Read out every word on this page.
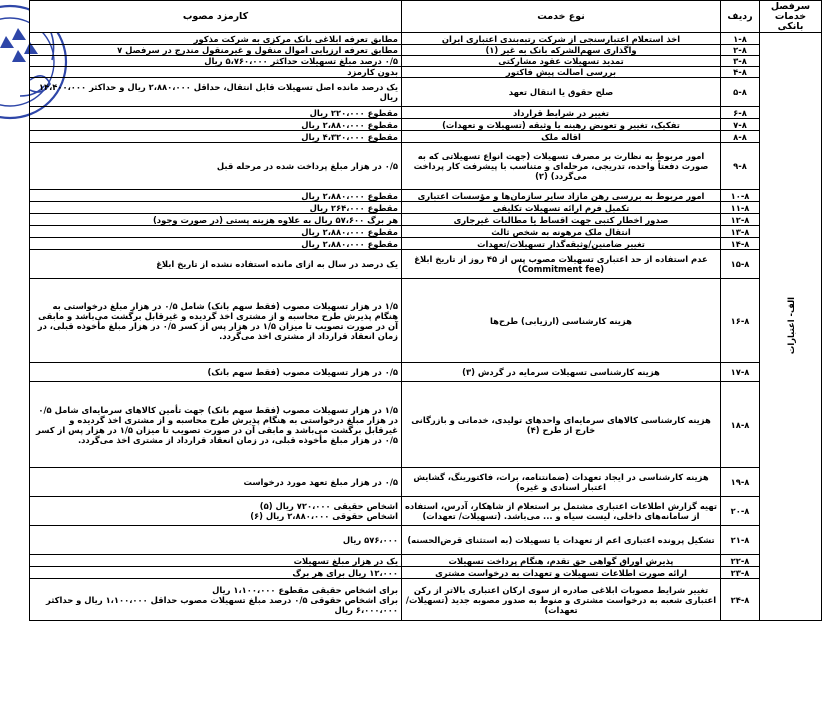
سرفصل خدمات بانکی	ردیف	نوع خدمت	کارمزد مصوب
الف- اعتبارات	۱-۸	اخذ استعلام اعتبارسنجی از شرکت رتبه‌بندی اعتباری ایران	مطابق تعرفه ابلاغی بانک مرکزی به شرکت مذکور
	۲-۸	واگذاری سهم‌الشرکه بانک به غیر (۱)	مطابق تعرفه ارزیابی اموال منقول و غیرمنقول مندرج در سرفصل ۷
	۳-۸	تمدید تسهیلات عقود مشارکتی	۰/۵ درصد مبلغ تسهیلات حداکثر ۵،۷۶۰،۰۰۰ ریال
	۴-۸	بررسی اصالت پیش فاکتور	بدون کارمزد
	۵-۸	صلح حقوق یا انتقال تعهد	یک درصد مانده اصل تسهیلات قابل انتقال، حداقل ۲،۸۸۰،۰۰۰ ریال و حداکثر ۱۴،۴۰۰،۰۰۰ ریال
	۶-۸	تغییر در شرایط قرارداد	مقطوع ۲۲۰،۰۰۰ ریال
	۷-۸	تفکیک، تغییر و تعویض رهینه یا وثیقه (تسهیلات و تعهدات)	مقطوع ۲،۸۸۰،۰۰۰ ریال
	۸-۸	اقاله ملک	مقطوع ۴،۳۲۰،۰۰۰ ریال
	۹-۸	امور مربوط به نظارت بر مصرف تسهیلات (جهت انواع تسهیلاتی که به صورت دفعتاً واحده، تدریجی، مرحله‌ای و متناسب با پیشرفت کار پرداخت می‌گردد) (۲)	۰/۵ در هزار مبلغ پرداخت شده در مرحله قبل
	۱۰-۸	امور مربوط به بررسی رهن مازاد سایر سازمان‌ها و مؤسسات اعتباری	مقطوع ۲،۸۸۰،۰۰۰ ریال
	۱۱-۸	تکمیل فرم ارائه تسهیلات تکلیفی	مقطوع ۲۶۴،۰۰۰ ریال
	۱۲-۸	صدور اخطار کتبی جهت اقساط یا مطالبات غیرجاری	هر برگ ۵۷،۶۰۰ ریال به علاوه هزینه پستی (در صورت وجود)
	۱۳-۸	انتقال ملک مرهونه به شخص ثالث	مقطوع ۲،۸۸۰،۰۰۰ ریال
	۱۴-۸	تغییر ضامنین/وثیقه‌گذار تسهیلات/تعهدات	مقطوع ۲،۸۸۰،۰۰۰ ریال
	۱۵-۸	عدم استفاده از حد اعتباری تسهیلات مصوب پس از ۴۵ روز از تاریخ ابلاغ (Commitment fee)	یک درصد در سال به ازای مانده استفاده نشده از تاریخ ابلاغ
	۱۶-۸	هزینه کارشناسی (ارزیابی) طرح‌ها	۱/۵ در هزار تسهیلات مصوب (فقط سهم بانک) شامل ۰/۵ در هزار مبلغ درخواستی به هنگام پذیرش طرح محاسبه و از مشتری اخذ گردیده و غیرقابل برگشت می‌باشد و مابقی آن در صورت تصویب تا میزان ۱/۵ در هزار پس از کسر ۰/۵ در هزار مبلغ مأخوذه قبلی، در زمان انعقاد قرارداد از مشتری اخذ می‌گردد.
	۱۷-۸	هزینه کارشناسی تسهیلات سرمایه در گردش (۳)	۰/۵ در هزار تسهیلات مصوب (فقط سهم بانک)
	۱۸-۸	هزینه کارشناسی کالاهای سرمایه‌ای واحدهای تولیدی، خدماتی و بازرگانی خارج از طرح (۴)	۱/۵ در هزار تسهیلات مصوب (فقط سهم بانک) جهت تأمین کالاهای سرمایه‌ای شامل ۰/۵ در هزار مبلغ درخواستی به هنگام پذیرش طرح محاسبه و از مشتری اخذ گردیده و غیرقابل برگشت می‌باشد و مابقی آن در صورت تصویب تا میزان ۱/۵ در هزار پس از کسر ۰/۵ در هزار مبلغ مأخوذه قبلی، در زمان انعقاد قرارداد از مشتری اخذ می‌گردد.
	۱۹-۸	هزینه کارشناسی در ایجاد تعهدات (ضمانتنامه، برات، فاکتورینگ، گشایش اعتبار اسنادی و غیره)	۰/۵ در هزار مبلغ تعهد مورد درخواست
	۲۰-۸	تهیه گزارش اطلاعات اعتباری مشتمل بر استعلام از شاهکار، آدرس، استفاده از سامانه‌های داخلی، لیست سیاه و ... می‌باشد. (تسهیلات/ تعهدات)	اشخاص حقیقی ۷۲۰،۰۰۰ ریال (۵)
اشخاص حقوقی ۲،۸۸۰،۰۰۰ ریال (۶)

	۲۱-۸	تشکیل پرونده اعتباری اعم از تعهدات یا تسهیلات (به استثنای قرض‌الحسنه)	۵۷۶،۰۰۰ ریال
	۲۲-۸	پذیرش اوراق گواهی حق تقدم، هنگام پرداخت تسهیلات	یک در هزار مبلغ تسهیلات
	۲۳-۸	ارائه صورت اطلاعات تسهیلات و تعهدات به درخواست مشتری	۱۲،۰۰۰ ریال برای هر برگ
	۲۴-۸	تغییر شرایط مصوبات ابلاغی صادره از سوی ارکان اعتباری بالاتر از رکن اعتباری شعبه به درخواست مشتری و منوط به صدور مصوبه جدید (تسهیلات/تعهدات)	برای اشخاص حقیقی مقطوع ۱،۱۰۰،۰۰۰ ریال
برای اشخاص حقوقی ۰/۵ درصد مبلغ تسهیلات مصوب حداقل ۱،۱۰۰،۰۰۰ ریال و حداکثر ۶،۰۰۰،۰۰۰ ریال
